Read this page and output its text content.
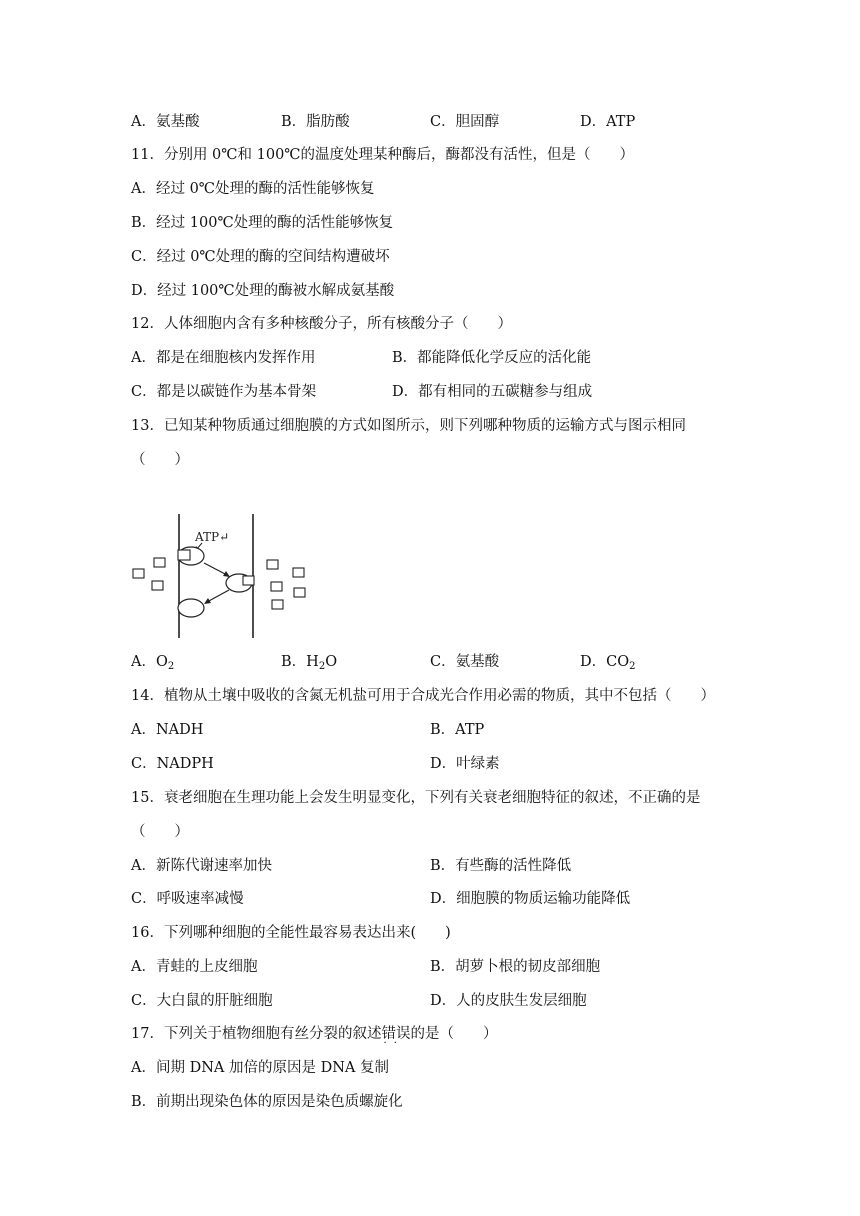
A．氨基酸	B．脂肪酸	C．胆固醇	D．ATP
11．分别用 0℃和 100℃的温度处理某种酶后，酶都没有活性，但是（　　）
A．经过 0℃处理的酶的活性能够恢复
B．经过 100℃处理的酶的活性能够恢复
C．经过 0℃处理的酶的空间结构遭破坏
D．经过 100℃处理的酶被水解成氨基酸
12．人体细胞内含有多种核酸分子，所有核酸分子（　　）
A．都是在细胞核内发挥作用	B．都能降低化学反应的活化能
C．都是以碳链作为基本骨架	D．都有相同的五碳糖参与组成
13．已知某种物质通过细胞膜的方式如图所示，则下列哪种物质的运输方式与图示相同
（　　）
ATP↵
A．$O_2$	B．$H_2O$	C．氨基酸	D．$CO_2$
14．植物从土壤中吸收的含氮无机盐可用于合成光合作用必需的物质，其中不包括（　　）
A．NADH	B．ATP
C．NADPH	D．叶绿素
15．衰老细胞在生理功能上会发生明显变化，下列有关衰老细胞特征的叙述，不正确的是
（　　）
A．新陈代谢速率加快	B．有些酶的活性降低
C．呼吸速率减慢	D．细胞膜的物质运输功能降低
16．下列哪种细胞的全能性最容易表达出来(　　)
A．青蛙的上皮细胞	B．胡萝卜根的韧皮部细胞
C．大白鼠的肝脏细胞	D．人的皮肤生发层细胞
17．下列关于植物细胞有丝分裂的叙述错误 · ·的是（　　）
A．间期 DNA 加倍的原因是 DNA 复制
B．前期出现染色体的原因是染色质螺旋化
